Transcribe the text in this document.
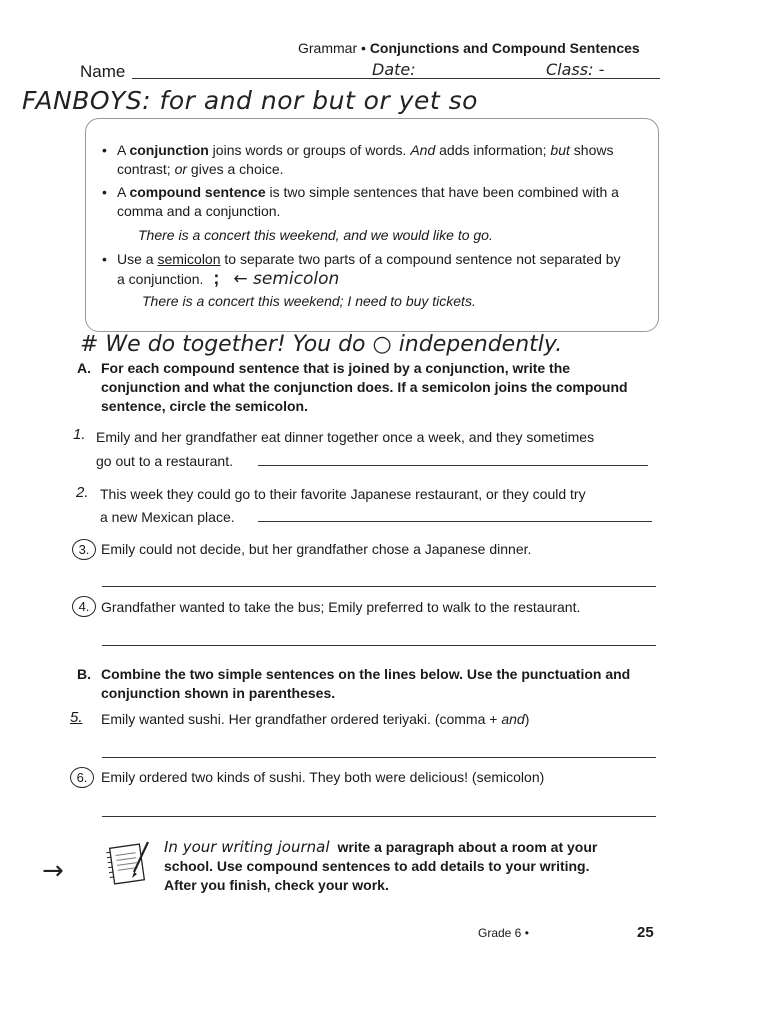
Grammar • Conjunctions and Compound Sentences
Name	Date:	Class: -
FANBOYS: for and nor but or yet so
• A conjunction joins words or groups of words. And adds information; but shows contrast; or gives a choice.
• A compound sentence is two simple sentences that have been combined with a comma and a conjunction.
There is a concert this weekend, and we would like to go.
• Use a semicolon to separate two parts of a compound sentence not separated by a conjunction. ; ← semicolon
There is a concert this weekend; I need to buy tickets.
# We do together! You do ○ independently.
A. For each compound sentence that is joined by a conjunction, write the conjunction and what the conjunction does. If a semicolon joins the compound sentence, circle the semicolon.
1. Emily and her grandfather eat dinner together once a week, and they sometimes
go out to a restaurant.
2. This week they could go to their favorite Japanese restaurant, or they could try
a new Mexican place.
3. Emily could not decide, but her grandfather chose a Japanese dinner.
4. Grandfather wanted to take the bus; Emily preferred to walk to the restaurant.
B. Combine the two simple sentences on the lines below. Use the punctuation and conjunction shown in parentheses.
5. Emily wanted sushi. Her grandfather ordered teriyaki. (comma + and)
6. Emily ordered two kinds of sushi. They both were delicious! (semicolon)
→
In your writing journal write a paragraph about a room at your school. Use compound sentences to add details to your writing. After you finish, check your work.
Grade 6 •	25
